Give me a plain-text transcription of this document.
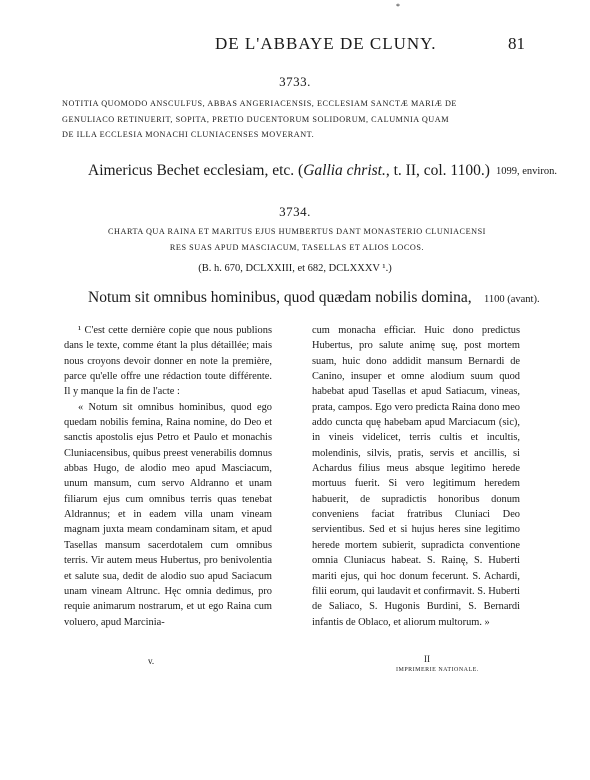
*
DE L'ABBAYE DE CLUNY.	81
3733.
NOTITIA QUOMODO ANSCULFUS, ABBAS ANGERIACENSIS, ECCLESIAM SANCTÆ MARIÆ DE
GENULIACO RETINUERIT, SOPITA, PRETIO DUCENTORUM SOLIDORUM, CALUMNIA QUAM
DE ILLA ECCLESIA MONACHI CLUNIACENSES MOVERANT.
Aimericus Bechet ecclesiam, etc. (Gallia christ., t. II, col. 1100.) 1099, environ.
3734.
CHARTA QUA RAINA ET MARITUS EJUS HUMBERTUS DANT MONASTERIO CLUNIACENSI
RES SUAS APUD MASCIACUM, TASELLAS ET ALIOS LOCOS.
(B. h. 670, DCLXXIII, et 682, DCLXXXV ¹.)
Notum sit omnibus hominibus, quod quædam nobilis domina,	1100 (avant).

¹ C'est cette dernière copie que nous publions dans le texte, comme étant la plus détaillée; mais nous croyons devoir donner en note la première, parce qu'elle offre une rédaction toute différente. Il y manque la fin de l'acte :

« Notum sit omnibus hominibus, quod ego quedam nobilis femina, Raina nomine, do Deo et sanctis apostolis ejus Petro et Paulo et monachis Cluniacensibus, quibus preest venerabilis domnus abbas Hugo, de alodio meo apud Masciacum, unum mansum, cum servo Aldranno et unam filiarum ejus cum omnibus terris quas tenebat Aldrannus; et in eadem villa unam vineam magnam juxta meam condaminam sitam, et apud Tasellas mansum sacerdotalem cum omnibus terris. Vir autem meus Hubertus, pro benivolentia et salute sua, dedit de alodio suo apud Saciacum unam vineam Altrunc. Hęc omnia dedimus, pro requie animarum nostrarum, et ut ego Raina cum voluero, apud Marcinia-

cum monacha efficiar. Huic dono predictus Hubertus, pro salute animę suę, post mortem suam, huic dono addidit mansum Bernardi de Canino, insuper et omne alodium suum quod habebat apud Tasellas et apud Satiacum, vineas, prata, campos. Ego vero predicta Raina dono meo addo cuncta quę habebam apud Marciacum (sic), in vineis videlicet, terris cultis et incultis, molendinis, silvis, pratis, servis et ancillis, si Achardus filius meus absque legitimo herede mortuus fuerit. Si vero legitimum heredem habuerit, de supradictis honoribus donum conveniens faciat fratribus Cluniaci Deo servientibus. Sed et si hujus heres sine legitimo herede mortem subierit, supradicta conventione omnia Cluniacus habeat. S. Rainę, S. Huberti mariti ejus, qui hoc donum fecerunt. S. Achardi, filii eorum, qui laudavit et confirmavit. S. Huberti de Saliaco, S. Hugonis Burdini, S. Bernardi infantis de Oblaco, et aliorum multorum. »

v.	II
IMPRIMERIE NATIONALE.
